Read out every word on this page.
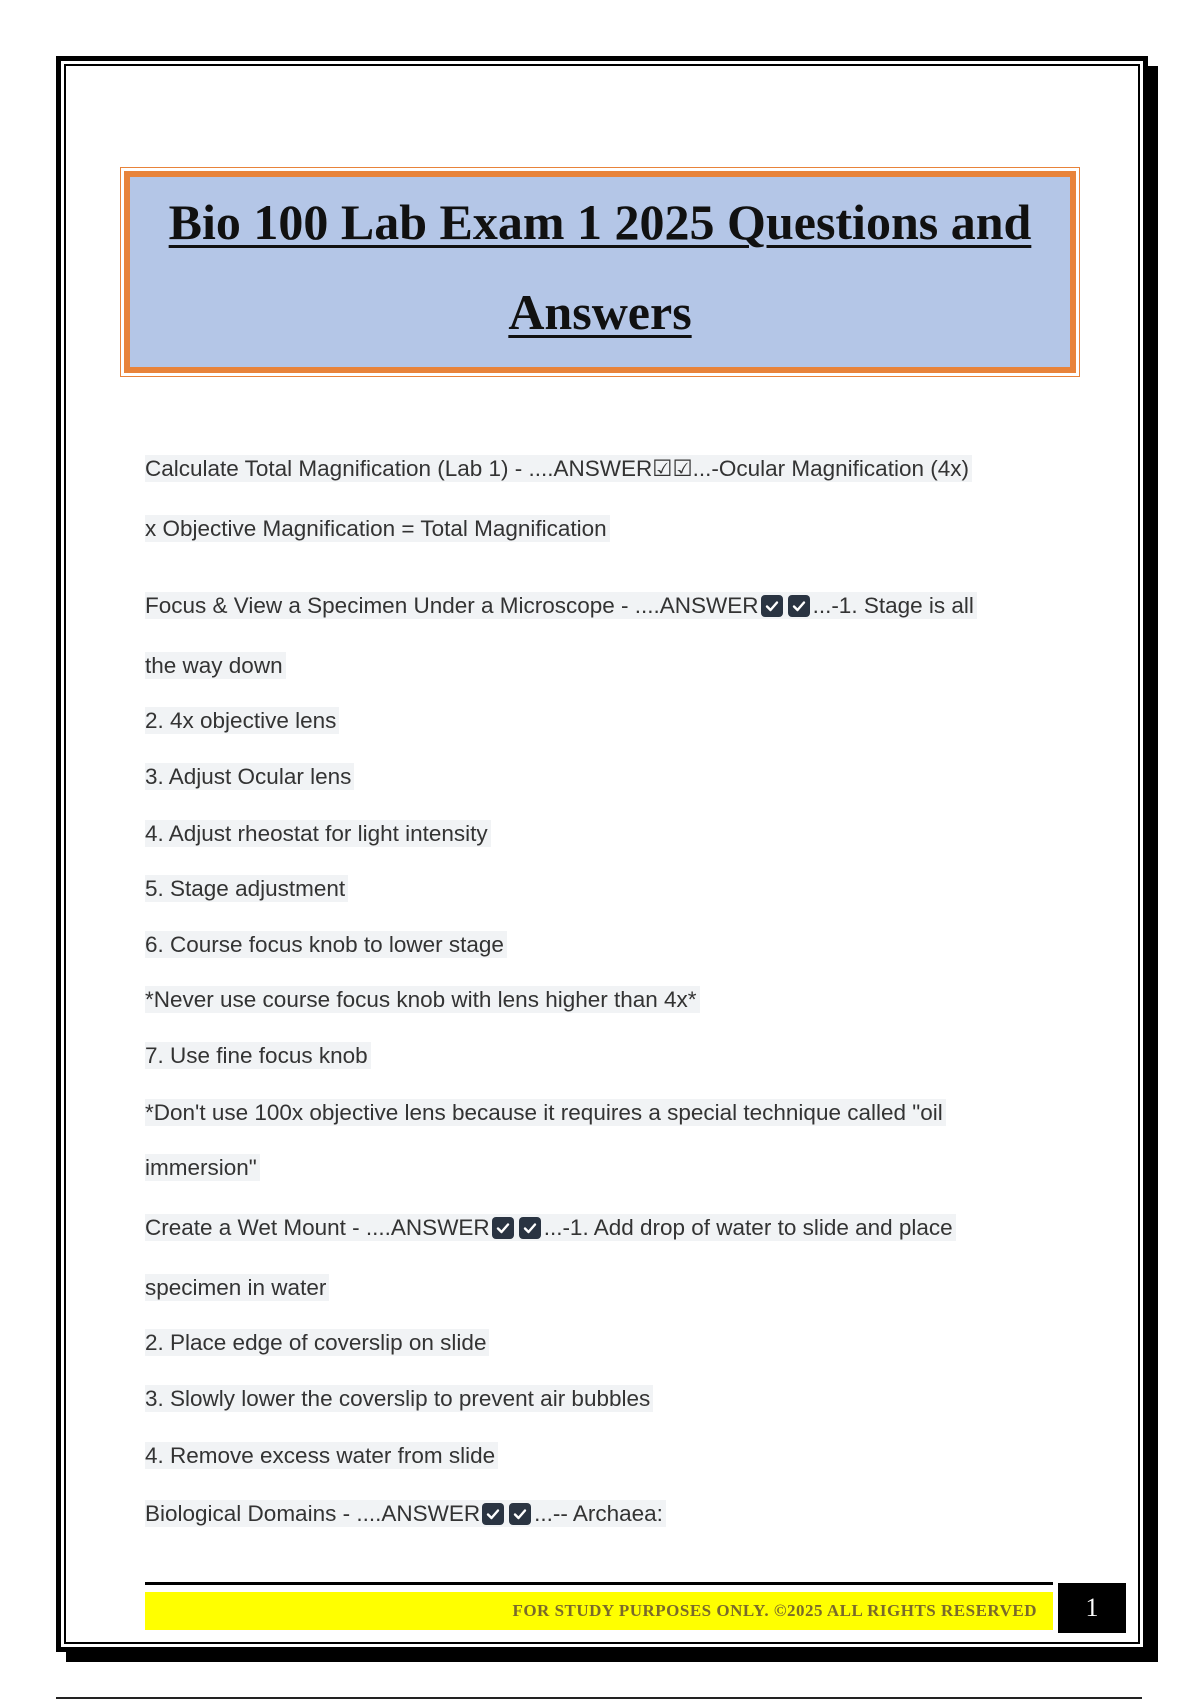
Bio 100 Lab Exam 1 2025 Questions and
Answers
Calculate Total Magnification (Lab 1) - ....ANSWER☑☑...-Ocular Magnification (4x)
x Objective Magnification = Total Magnification
Focus & View a Specimen Under a Microscope - ....ANSWER ...-1. Stage is all
the way down
2. 4x objective lens
3. Adjust Ocular lens
4. Adjust rheostat for light intensity
5. Stage adjustment
6. Course focus knob to lower stage
*Never use course focus knob with lens higher than 4x*
7. Use fine focus knob
*Don't use 100x objective lens because it requires a special technique called "oil
immersion"
Create a Wet Mount - ....ANSWER ...-1. Add drop of water to slide and place
specimen in water
2. Place edge of coverslip on slide
3. Slowly lower the coverslip to prevent air bubbles
4. Remove excess water from slide
Biological Domains - ....ANSWER ...-- Archaea:
FOR STUDY PURPOSES ONLY. ©2025 ALL RIGHTS RESERVED	1
